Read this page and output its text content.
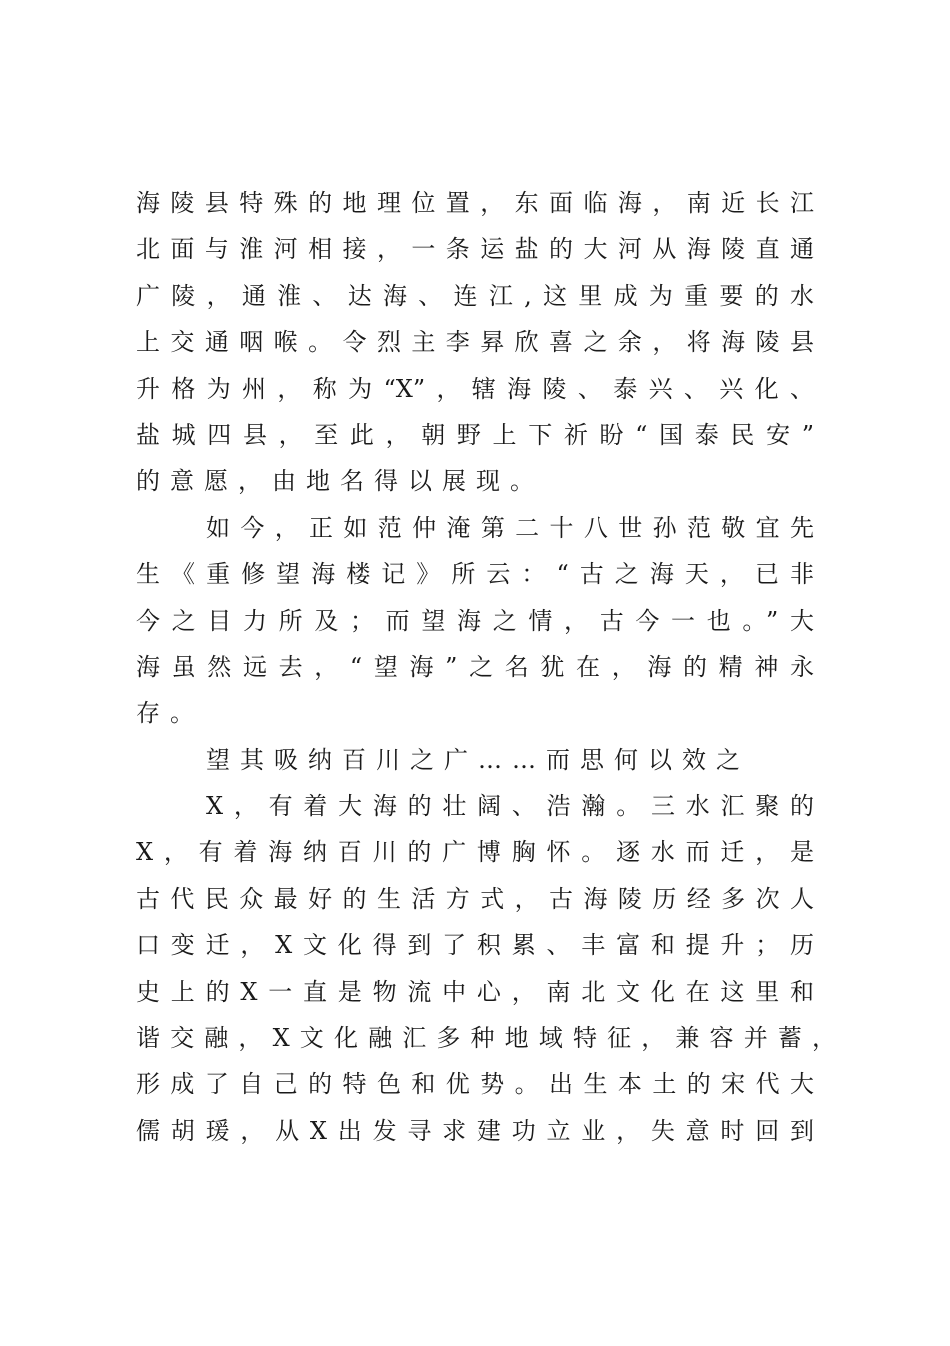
海陵县特殊的地理位置，东面临海，南近长江
北面与淮河相接，一条运盐的大河从海陵直通
广陵，通淮、达海、连江,这里成为重要的水
上交通咽喉。令烈主李昪欣喜之余，将海陵县
升格为州，称为“X”，辖海陵、泰兴、兴化、
盐城四县，至此，朝野上下祈盼“国泰民安”
的意愿，由地名得以展现。
如今，正如范仲淹第二十八世孙范敬宜先
生《重修望海楼记》所云：“古之海天，已非
今之目力所及；而望海之情，古今一也。”大
海虽然远去，“望海”之名犹在，海的精神永
存。
望其吸纳百川之广……而思何以效之
X，有着大海的壮阔、浩瀚。三水汇聚的
X，有着海纳百川的广博胸怀。逐水而迁，是
古代民众最好的生活方式，古海陵历经多次人
口变迁，X文化得到了积累、丰富和提升；历
史上的X一直是物流中心，南北文化在这里和
谐交融，X文化融汇多种地域特征，兼容并蓄，
形成了自己的特色和优势。出生本土的宋代大
儒胡瑗，从X出发寻求建功立业，失意时回到
